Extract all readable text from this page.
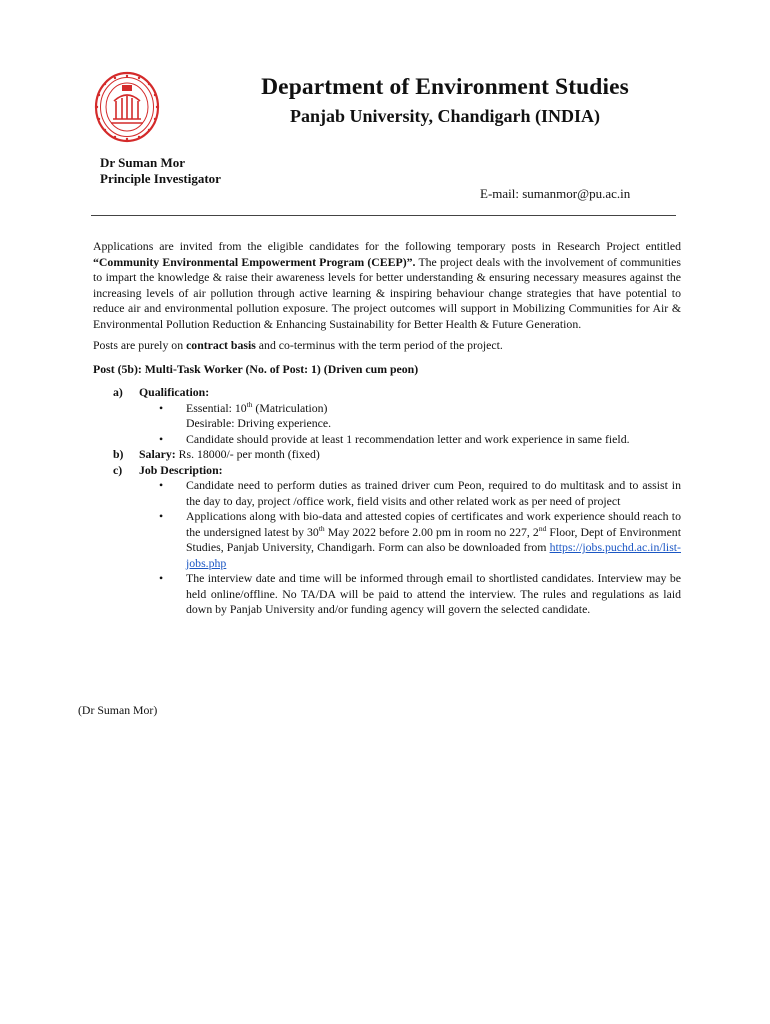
Department of Environment Studies
Panjab University, Chandigarh (INDIA)
Dr Suman Mor
Principle Investigator
E-mail: sumanmor@pu.ac.in

Applications are invited from the eligible candidates for the following temporary posts in Research Project entitled “Community Environmental Empowerment Program (CEEP)”. The project deals with the involvement of communities to impart the knowledge & raise their awareness levels for better understanding & ensuring necessary measures against the increasing levels of air pollution through active learning & inspiring behaviour change strategies that have potential to reduce air and environmental pollution exposure. The project outcomes will support in Mobilizing Communities for Air & Environmental Pollution Reduction & Enhancing Sustainability for Better Health & Future Generation.

Posts are purely on contract basis and co-terminus with the term period of the project.

Post (5b): Multi-Task Worker (No. of Post: 1) (Driven cum peon)
a)	Qualification:
• Essential: 10th (Matriculation)
Desirable: Driving experience.
• Candidate should provide at least 1 recommendation letter and work experience in same field.
b)	Salary: Rs. 18000/- per month (fixed)
c)	Job Description:
• Candidate need to perform duties as trained driver cum Peon, required to do multitask and to assist in the day to day, project /office work, field visits and other related work as per need of project
• Applications along with bio-data and attested copies of certificates and work experience should reach to the undersigned latest by 30th May 2022 before 2.00 pm in room no 227, 2nd Floor, Dept of Environment Studies, Panjab University, Chandigarh. Form can also be downloaded from https://jobs.puchd.ac.in/list-jobs.php
• The interview date and time will be informed through email to shortlisted candidates. Interview may be held online/offline. No TA/DA will be paid to attend the interview. The rules and regulations as laid down by Panjab University and/or funding agency will govern the selected candidate.
(Dr Suman Mor)
